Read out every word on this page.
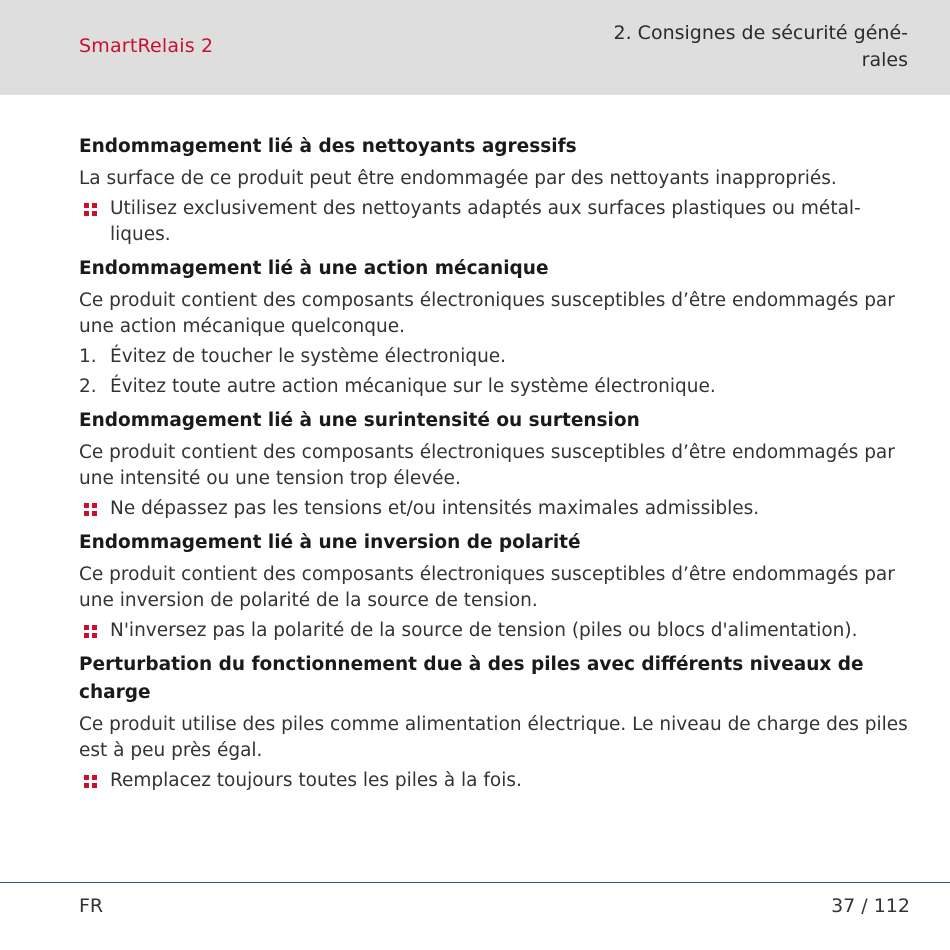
SmartRelais 2
2. Consignes de sécurité géné-
rales
Endommagement lié à des nettoyants agressifs

La surface de ce produit peut être endommagée par des nettoyants inappropriés.

Utilisez exclusivement des nettoyants adaptés aux surfaces plastiques ou métal-
liques.
Endommagement lié à une action mécanique

Ce produit contient des composants électroniques susceptibles d’être endommagés par
une action mécanique quelconque.

1. Évitez de toucher le système électronique.
2. Évitez toute autre action mécanique sur le système électronique.
Endommagement lié à une surintensité ou surtension

Ce produit contient des composants électroniques susceptibles d’être endommagés par
une intensité ou une tension trop élevée.

Ne dépassez pas les tensions et/ou intensités maximales admissibles.
Endommagement lié à une inversion de polarité

Ce produit contient des composants électroniques susceptibles d’être endommagés par
une inversion de polarité de la source de tension.

N'inversez pas la polarité de la source de tension (piles ou blocs d'alimentation).
Perturbation du fonctionnement due à des piles avec différents niveaux de charge

Ce produit utilise des piles comme alimentation électrique. Le niveau de charge des piles
est à peu près égal.

Remplacez toujours toutes les piles à la fois.
FR	37 / 112
